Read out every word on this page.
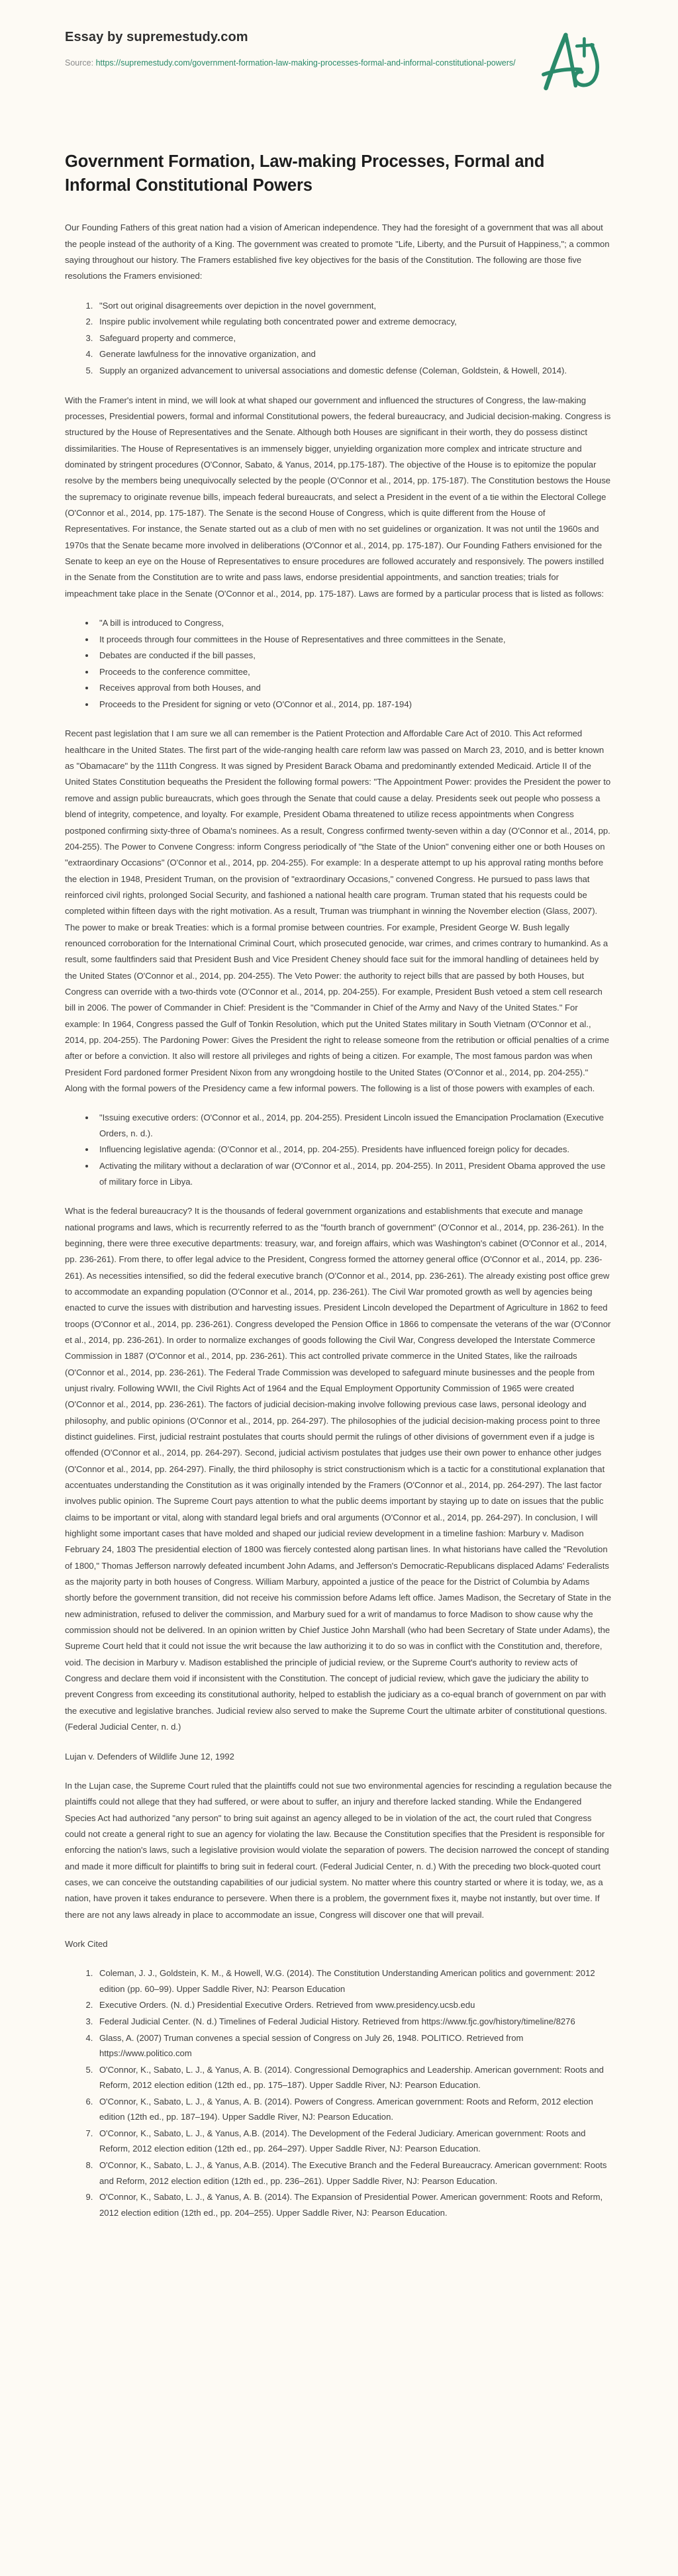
Essay by supremestudy.com

Source: https://supremestudy.com/government-formation-law-making-processes-formal-and-informal-constitutional-powers/

Government Formation, Law-making Processes, Formal and Informal Constitutional Powers

Our Founding Fathers of this great nation had a vision of American independence. They had the foresight of a government that was all about the people instead of the authority of a King. The government was created to promote "Life, Liberty, and the Pursuit of Happiness,"; a common saying throughout our history. The Framers established five key objectives for the basis of the Constitution. The following are those five resolutions the Framers envisioned:

1. "Sort out original disagreements over depiction in the novel government,
2. Inspire public involvement while regulating both concentrated power and extreme democracy,
3. Safeguard property and commerce,
4. Generate lawfulness for the innovative organization, and
5. Supply an organized advancement to universal associations and domestic defense (Coleman, Goldstein, & Howell, 2014).

With the Framer's intent in mind, we will look at what shaped our government and influenced the structures of Congress, the law-making processes, Presidential powers, formal and informal Constitutional powers, the federal bureaucracy, and Judicial decision-making. Congress is structured by the House of Representatives and the Senate. Although both Houses are significant in their worth, they do possess distinct dissimilarities. The House of Representatives is an immensely bigger, unyielding organization more complex and intricate structure and dominated by stringent procedures (O'Connor, Sabato, & Yanus, 2014, pp.175-187). The objective of the House is to epitomize the popular resolve by the members being unequivocally selected by the people (O'Connor et al., 2014, pp. 175-187). The Constitution bestows the House the supremacy to originate revenue bills, impeach federal bureaucrats, and select a President in the event of a tie within the Electoral College (O'Connor et al., 2014, pp. 175-187). The Senate is the second House of Congress, which is quite different from the House of Representatives. For instance, the Senate started out as a club of men with no set guidelines or organization. It was not until the 1960s and 1970s that the Senate became more involved in deliberations (O'Connor et al., 2014, pp. 175-187). Our Founding Fathers envisioned for the Senate to keep an eye on the House of Representatives to ensure procedures are followed accurately and responsively. The powers instilled in the Senate from the Constitution are to write and pass laws, endorse presidential appointments, and sanction treaties; trials for impeachment take place in the Senate (O'Connor et al., 2014, pp. 175-187). Laws are formed by a particular process that is listed as follows:

• "A bill is introduced to Congress,
• It proceeds through four committees in the House of Representatives and three committees in the Senate,
• Debates are conducted if the bill passes,
• Proceeds to the conference committee,
• Receives approval from both Houses, and
• Proceeds to the President for signing or veto (O'Connor et al., 2014, pp. 187-194)

Recent past legislation that I am sure we all can remember is the Patient Protection and Affordable Care Act of 2010. This Act reformed healthcare in the United States. The first part of the wide-ranging health care reform law was passed on March 23, 2010, and is better known as "Obamacare" by the 111th Congress. It was signed by President Barack Obama and predominantly extended Medicaid. Article II of the United States Constitution bequeaths the President the following formal powers: "The Appointment Power: provides the President the power to remove and assign public bureaucrats, which goes through the Senate that could cause a delay. Presidents seek out people who possess a blend of integrity, competence, and loyalty. For example, President Obama threatened to utilize recess appointments when Congress postponed confirming sixty-three of Obama's nominees. As a result, Congress confirmed twenty-seven within a day (O'Connor et al., 2014, pp. 204-255). The Power to Convene Congress: inform Congress periodically of "the State of the Union" convening either one or both Houses on "extraordinary Occasions" (O'Connor et al., 2014, pp. 204-255). For example: In a desperate attempt to up his approval rating months before the election in 1948, President Truman, on the provision of "extraordinary Occasions," convened Congress. He pursued to pass laws that reinforced civil rights, prolonged Social Security, and fashioned a national health care program. Truman stated that his requests could be completed within fifteen days with the right motivation. As a result, Truman was triumphant in winning the November election (Glass, 2007). The power to make or break Treaties: which is a formal promise between countries. For example, President George W. Bush legally renounced corroboration for the International Criminal Court, which prosecuted genocide, war crimes, and crimes contrary to humankind. As a result, some faultfinders said that President Bush and Vice President Cheney should face suit for the immoral handling of detainees held by the United States (O'Connor et al., 2014, pp. 204-255). The Veto Power: the authority to reject bills that are passed by both Houses, but Congress can override with a two-thirds vote (O'Connor et al., 2014, pp. 204-255). For example, President Bush vetoed a stem cell research bill in 2006. The power of Commander in Chief: President is the "Commander in Chief of the Army and Navy of the United States." For example: In 1964, Congress passed the Gulf of Tonkin Resolution, which put the United States military in South Vietnam (O'Connor et al., 2014, pp. 204-255). The Pardoning Power: Gives the President the right to release someone from the retribution or official penalties of a crime after or before a conviction. It also will restore all privileges and rights of being a citizen. For example, The most famous pardon was when President Ford pardoned former President Nixon from any wrongdoing hostile to the United States (O'Connor et al., 2014, pp. 204-255)." Along with the formal powers of the Presidency came a few informal powers. The following is a list of those powers with examples of each.

• "Issuing executive orders: (O'Connor et al., 2014, pp. 204-255). President Lincoln issued the Emancipation Proclamation (Executive Orders, n. d.).
• Influencing legislative agenda: (O'Connor et al., 2014, pp. 204-255). Presidents have influenced foreign policy for decades.
• Activating the military without a declaration of war (O'Connor et al., 2014, pp. 204-255). In 2011, President Obama approved the use of military force in Libya.

What is the federal bureaucracy? It is the thousands of federal government organizations and establishments that execute and manage national programs and laws, which is recurrently referred to as the "fourth branch of government" (O'Connor et al., 2014, pp. 236-261). In the beginning, there were three executive departments: treasury, war, and foreign affairs, which was Washington's cabinet (O'Connor et al., 2014, pp. 236-261). From there, to offer legal advice to the President, Congress formed the attorney general office (O'Connor et al., 2014, pp. 236-261). As necessities intensified, so did the federal executive branch (O'Connor et al., 2014, pp. 236-261). The already existing post office grew to accommodate an expanding population (O'Connor et al., 2014, pp. 236-261). The Civil War promoted growth as well by agencies being enacted to curve the issues with distribution and harvesting issues. President Lincoln developed the Department of Agriculture in 1862 to feed troops (O'Connor et al., 2014, pp. 236-261). Congress developed the Pension Office in 1866 to compensate the veterans of the war (O'Connor et al., 2014, pp. 236-261). In order to normalize exchanges of goods following the Civil War, Congress developed the Interstate Commerce Commission in 1887 (O'Connor et al., 2014, pp. 236-261). This act controlled private commerce in the United States, like the railroads (O'Connor et al., 2014, pp. 236-261). The Federal Trade Commission was developed to safeguard minute businesses and the people from unjust rivalry. Following WWII, the Civil Rights Act of 1964 and the Equal Employment Opportunity Commission of 1965 were created (O'Connor et al., 2014, pp. 236-261). The factors of judicial decision-making involve following previous case laws, personal ideology and philosophy, and public opinions (O'Connor et al., 2014, pp. 264-297). The philosophies of the judicial decision-making process point to three distinct guidelines. First, judicial restraint postulates that courts should permit the rulings of other divisions of government even if a judge is offended (O'Connor et al., 2014, pp. 264-297). Second, judicial activism postulates that judges use their own power to enhance other judges (O'Connor et al., 2014, pp. 264-297). Finally, the third philosophy is strict constructionism which is a tactic for a constitutional explanation that accentuates understanding the Constitution as it was originally intended by the Framers (O'Connor et al., 2014, pp. 264-297). The last factor involves public opinion. The Supreme Court pays attention to what the public deems important by staying up to date on issues that the public claims to be important or vital, along with standard legal briefs and oral arguments (O'Connor et al., 2014, pp. 264-297). In conclusion, I will highlight some important cases that have molded and shaped our judicial review development in a timeline fashion: Marbury v. Madison February 24, 1803 The presidential election of 1800 was fiercely contested along partisan lines. In what historians have called the "Revolution of 1800," Thomas Jefferson narrowly defeated incumbent John Adams, and Jefferson's Democratic-Republicans displaced Adams' Federalists as the majority party in both houses of Congress. William Marbury, appointed a justice of the peace for the District of Columbia by Adams shortly before the government transition, did not receive his commission before Adams left office. James Madison, the Secretary of State in the new administration, refused to deliver the commission, and Marbury sued for a writ of mandamus to force Madison to show cause why the commission should not be delivered. In an opinion written by Chief Justice John Marshall (who had been Secretary of State under Adams), the Supreme Court held that it could not issue the writ because the law authorizing it to do so was in conflict with the Constitution and, therefore, void. The decision in Marbury v. Madison established the principle of judicial review, or the Supreme Court's authority to review acts of Congress and declare them void if inconsistent with the Constitution. The concept of judicial review, which gave the judiciary the ability to prevent Congress from exceeding its constitutional authority, helped to establish the judiciary as a co-equal branch of government on par with the executive and legislative branches. Judicial review also served to make the Supreme Court the ultimate arbiter of constitutional questions. (Federal Judicial Center, n. d.)

Lujan v. Defenders of Wildlife June 12, 1992

In the Lujan case, the Supreme Court ruled that the plaintiffs could not sue two environmental agencies for rescinding a regulation because the plaintiffs could not allege that they had suffered, or were about to suffer, an injury and therefore lacked standing. While the Endangered Species Act had authorized "any person" to bring suit against an agency alleged to be in violation of the act, the court ruled that Congress could not create a general right to sue an agency for violating the law. Because the Constitution specifies that the President is responsible for enforcing the nation's laws, such a legislative provision would violate the separation of powers. The decision narrowed the concept of standing and made it more difficult for plaintiffs to bring suit in federal court. (Federal Judicial Center, n. d.) With the preceding two block-quoted court cases, we can conceive the outstanding capabilities of our judicial system. No matter where this country started or where it is today, we, as a nation, have proven it takes endurance to persevere. When there is a problem, the government fixes it, maybe not instantly, but over time. If there are not any laws already in place to accommodate an issue, Congress will discover one that will prevail.

Work Cited
1. Coleman, J. J., Goldstein, K. M., & Howell, W.G. (2014). The Constitution Understanding American politics and government: 2012 edition (pp. 60–99). Upper Saddle River, NJ: Pearson Education
2. Executive Orders. (N. d.) Presidential Executive Orders. Retrieved from www.presidency.ucsb.edu
3. Federal Judicial Center. (N. d.) Timelines of Federal Judicial History. Retrieved from https://www.fjc.gov/history/timeline/8276
4. Glass, A. (2007) Truman convenes a special session of Congress on July 26, 1948. POLITICO. Retrieved from https://www.politico.com
5. O'Connor, K., Sabato, L. J., & Yanus, A. B. (2014). Congressional Demographics and Leadership. American government: Roots and Reform, 2012 election edition (12th ed., pp. 175–187). Upper Saddle River, NJ: Pearson Education.
6. O'Connor, K., Sabato, L. J., & Yanus, A. B. (2014). Powers of Congress. American government: Roots and Reform, 2012 election edition (12th ed., pp. 187–194). Upper Saddle River, NJ: Pearson Education.
7. O'Connor, K., Sabato, L. J., & Yanus, A.B. (2014). The Development of the Federal Judiciary. American government: Roots and Reform, 2012 election edition (12th ed., pp. 264–297). Upper Saddle River, NJ: Pearson Education.
8. O'Connor, K., Sabato, L. J., & Yanus, A.B. (2014). The Executive Branch and the Federal Bureaucracy. American government: Roots and Reform, 2012 election edition (12th ed., pp. 236–261). Upper Saddle River, NJ: Pearson Education.
9. O'Connor, K., Sabato, L. J., & Yanus, A. B. (2014). The Expansion of Presidential Power. American government: Roots and Reform, 2012 election edition (12th ed., pp. 204–255). Upper Saddle River, NJ: Pearson Education.
